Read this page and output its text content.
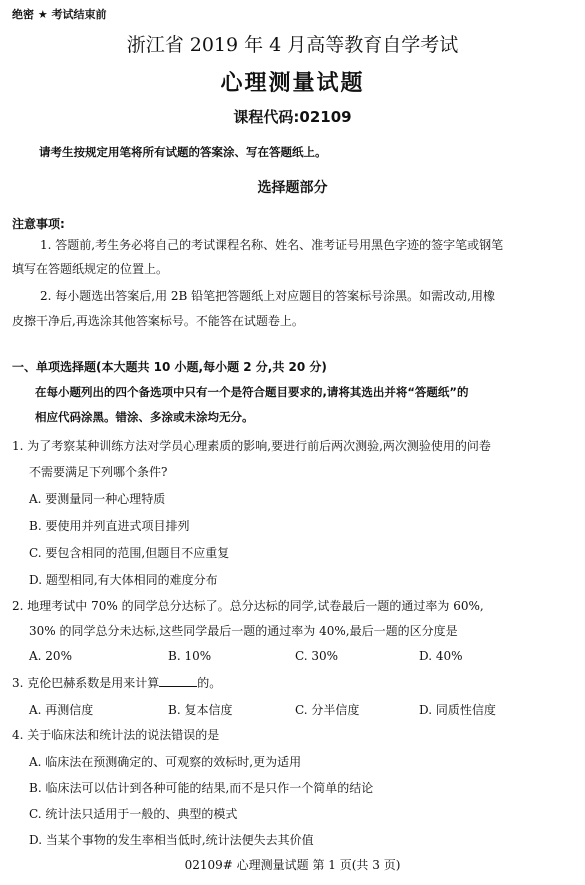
绝密 ★ 考试结束前
浙江省 2019 年 4 月高等教育自学考试
心理测量试题
课程代码:02109
请考生按规定用笔将所有试题的答案涂、写在答题纸上。
选择题部分
注意事项:
1. 答题前,考生务必将自己的考试课程名称、姓名、准考证号用黑色字迹的签字笔或钢笔
填写在答题纸规定的位置上。
2. 每小题选出答案后,用 2B 铅笔把答题纸上对应题目的答案标号涂黑。如需改动,用橡
皮擦干净后,再选涂其他答案标号。不能答在试题卷上。
一、单项选择题(本大题共 10 小题,每小题 2 分,共 20 分)
在每小题列出的四个备选项中只有一个是符合题目要求的,请将其选出并将“答题纸”的
相应代码涂黑。错涂、多涂或未涂均无分。
1. 为了考察某种训练方法对学员心理素质的影响,要进行前后两次测验,两次测验使用的问卷
不需要满足下列哪个条件?
A. 要测量同一种心理特质
B. 要使用并列直进式项目排列
C. 要包含相同的范围,但题目不应重复
D. 题型相同,有大体相同的难度分布
2. 地理考试中 70% 的同学总分达标了。总分达标的同学,试卷最后一题的通过率为 60%,
30% 的同学总分未达标,这些同学最后一题的通过率为 40%,最后一题的区分度是
A. 20%	B. 10%	C. 30%	D. 40%
3. 克伦巴赫系数是用来计算	的。
A. 再测信度	B. 复本信度	C. 分半信度	D. 同质性信度
4. 关于临床法和统计法的说法错误的是
A. 临床法在预测确定的、可观察的效标时,更为适用
B. 临床法可以估计到各种可能的结果,而不是只作一个简单的结论
C. 统计法只适用于一般的、典型的模式
D. 当某个事物的发生率相当低时,统计法便失去其价值
02109# 心理测量试题 第 1 页(共 3 页)
